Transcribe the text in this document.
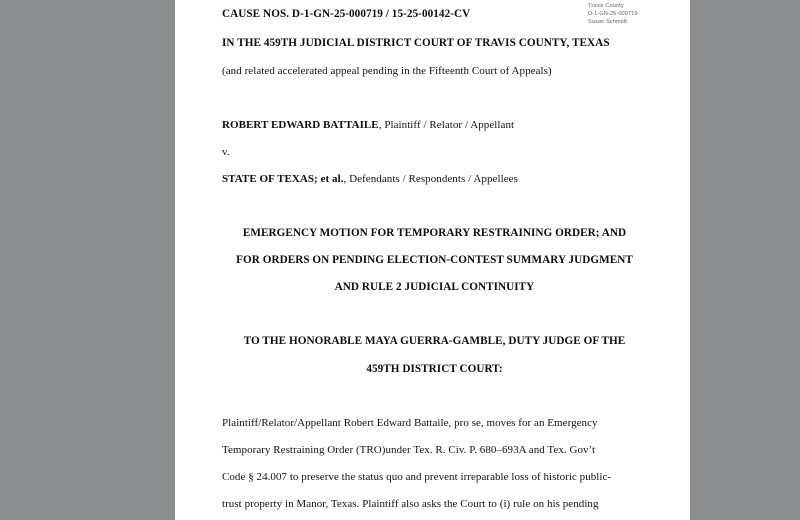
Travis County
D-1-GN-25-000719
Susan Schmidt
CAUSE NOS. D-1-GN-25-000719 / 15-25-00142-CV
IN THE 459TH JUDICIAL DISTRICT COURT OF TRAVIS COUNTY, TEXAS
(and related accelerated appeal pending in the Fifteenth Court of Appeals)
ROBERT EDWARD BATTAILE, Plaintiff / Relator / Appellant
v.
STATE OF TEXAS; et al., Defendants / Respondents / Appellees
EMERGENCY MOTION FOR TEMPORARY RESTRAINING ORDER; AND
FOR ORDERS ON PENDING ELECTION-CONTEST SUMMARY JUDGMENT
AND RULE 2 JUDICIAL CONTINUITY
TO THE HONORABLE MAYA GUERRA-GAMBLE, DUTY JUDGE OF THE
459TH DISTRICT COURT:
Plaintiff/Relator/Appellant Robert Edward Battaile, pro se, moves for an Emergency
Temporary Restraining Order (TRO)under Tex. R. Civ. P. 680–693A and Tex. Gov’t
Code § 24.007 to preserve the status quo and prevent irreparable loss of historic public-
trust property in Manor, Texas. Plaintiff also asks the Court to (i) rule on his pending
